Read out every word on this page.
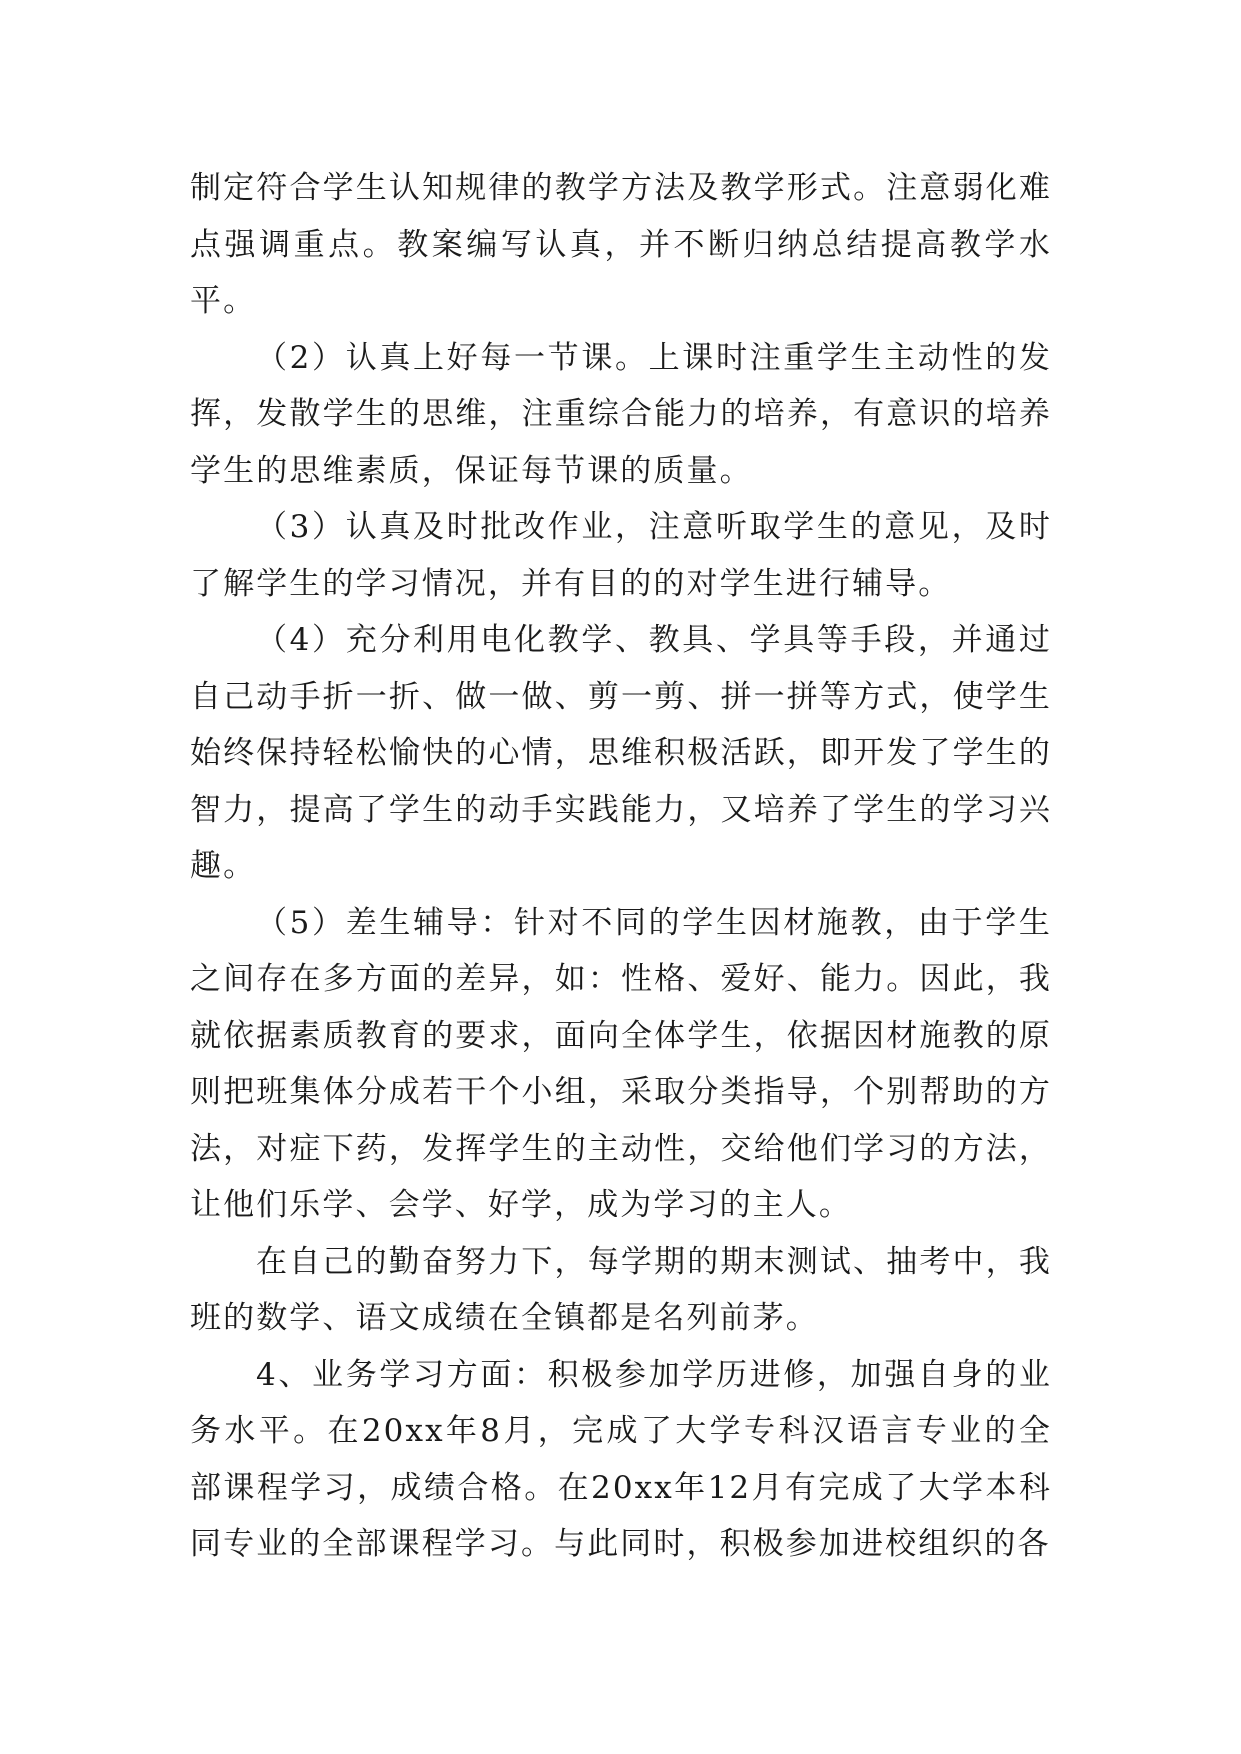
制定符合学生认知规律的教学方法及教学形式。注意弱化难点强调重点。教案编写认真，并不断归纳总结提高教学水平。

（2）认真上好每一节课。上课时注重学生主动性的发挥，发散学生的思维，注重综合能力的培养，有意识的培养学生的思维素质，保证每节课的质量。

（3）认真及时批改作业，注意听取学生的意见，及时了解学生的学习情况，并有目的的对学生进行辅导。

（4）充分利用电化教学、教具、学具等手段，并通过自己动手折一折、做一做、剪一剪、拼一拼等方式，使学生始终保持轻松愉快的心情，思维积极活跃，即开发了学生的智力，提高了学生的动手实践能力，又培养了学生的学习兴趣。

（5）差生辅导：针对不同的学生因材施教，由于学生之间存在多方面的差异，如：性格、爱好、能力。因此，我就依据素质教育的要求，面向全体学生，依据因材施教的原则把班集体分成若干个小组，采取分类指导，个别帮助的方法，对症下药，发挥学生的主动性，交给他们学习的方法，让他们乐学、会学、好学，成为学习的主人。

在自己的勤奋努力下，每学期的期末测试、抽考中，我班的数学、语文成绩在全镇都是名列前茅。

4、业务学习方面：积极参加学历进修，加强自身的业务水平。在20xx年8月，完成了大学专科汉语言专业的全部课程学习，成绩合格。在20xx年12月有完成了大学本科同专业的全部课程学习。与此同时，积极参加进校组织的各
